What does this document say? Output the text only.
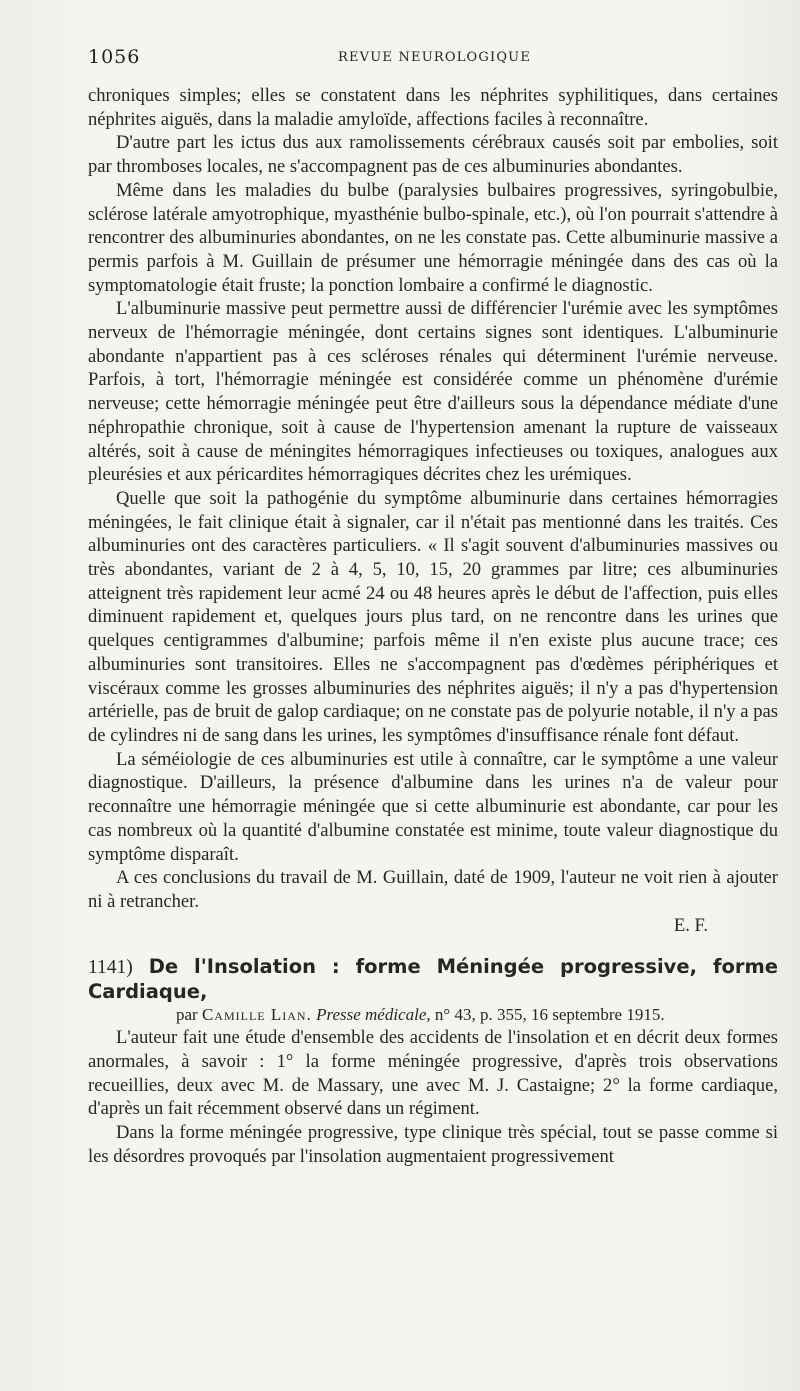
1056	REVUE NEUROLOGIQUE

chroniques simples; elles se constatent dans les néphrites syphilitiques, dans certaines néphrites aiguës, dans la maladie amyloïde, affections faciles à reconnaître.

D'autre part les ictus dus aux ramolissements cérébraux causés soit par embolies, soit par thromboses locales, ne s'accompagnent pas de ces albuminuries abondantes.

Même dans les maladies du bulbe (paralysies bulbaires progressives, syringobulbie, sclérose latérale amyotrophique, myasthénie bulbo-spinale, etc.), où l'on pourrait s'attendre à rencontrer des albuminuries abondantes, on ne les constate pas. Cette albuminurie massive a permis parfois à M. Guillain de présumer une hémorragie méningée dans des cas où la symptomatologie était fruste; la ponction lombaire a confirmé le diagnostic.

L'albuminurie massive peut permettre aussi de différencier l'urémie avec les symptômes nerveux de l'hémorragie méningée, dont certains signes sont identiques. L'albuminurie abondante n'appartient pas à ces scléroses rénales qui déterminent l'urémie nerveuse. Parfois, à tort, l'hémorragie méningée est considérée comme un phénomène d'urémie nerveuse; cette hémorragie méningée peut être d'ailleurs sous la dépendance médiate d'une néphropathie chronique, soit à cause de l'hypertension amenant la rupture de vaisseaux altérés, soit à cause de méningites hémorragiques infectieuses ou toxiques, analogues aux pleurésies et aux péricardites hémorragiques décrites chez les urémiques.

Quelle que soit la pathogénie du symptôme albuminurie dans certaines hémorragies méningées, le fait clinique était à signaler, car il n'était pas mentionné dans les traités. Ces albuminuries ont des caractères particuliers. « Il s'agit souvent d'albuminuries massives ou très abondantes, variant de 2 à 4, 5, 10, 15, 20 grammes par litre; ces albuminuries atteignent très rapidement leur acmé 24 ou 48 heures après le début de l'affection, puis elles diminuent rapidement et, quelques jours plus tard, on ne rencontre dans les urines que quelques centigrammes d'albumine; parfois même il n'en existe plus aucune trace; ces albuminuries sont transitoires. Elles ne s'accompagnent pas d'œdèmes périphériques et viscéraux comme les grosses albuminuries des néphrites aiguës; il n'y a pas d'hypertension artérielle, pas de bruit de galop cardiaque; on ne constate pas de polyurie notable, il n'y a pas de cylindres ni de sang dans les urines, les symptômes d'insuffisance rénale font défaut.

La séméiologie de ces albuminuries est utile à connaître, car le symptôme a une valeur diagnostique. D'ailleurs, la présence d'albumine dans les urines n'a de valeur pour reconnaître une hémorragie méningée que si cette albuminurie est abondante, car pour les cas nombreux où la quantité d'albumine constatée est minime, toute valeur diagnostique du symptôme disparaît.

A ces conclusions du travail de M. Guillain, daté de 1909, l'auteur ne voit rien à ajouter ni à retrancher.

E. F.

1141) De l'Insolation : forme Méningée progressive, forme Cardiaque,

par Camille Lian. Presse médicale, n° 43, p. 355, 16 septembre 1915.

L'auteur fait une étude d'ensemble des accidents de l'insolation et en décrit deux formes anormales, à savoir : 1° la forme méningée progressive, d'après trois observations recueillies, deux avec M. de Massary, une avec M. J. Castaigne; 2° la forme cardiaque, d'après un fait récemment observé dans un régiment.

Dans la forme méningée progressive, type clinique très spécial, tout se passe comme si les désordres provoqués par l'insolation augmentaient progressivement
